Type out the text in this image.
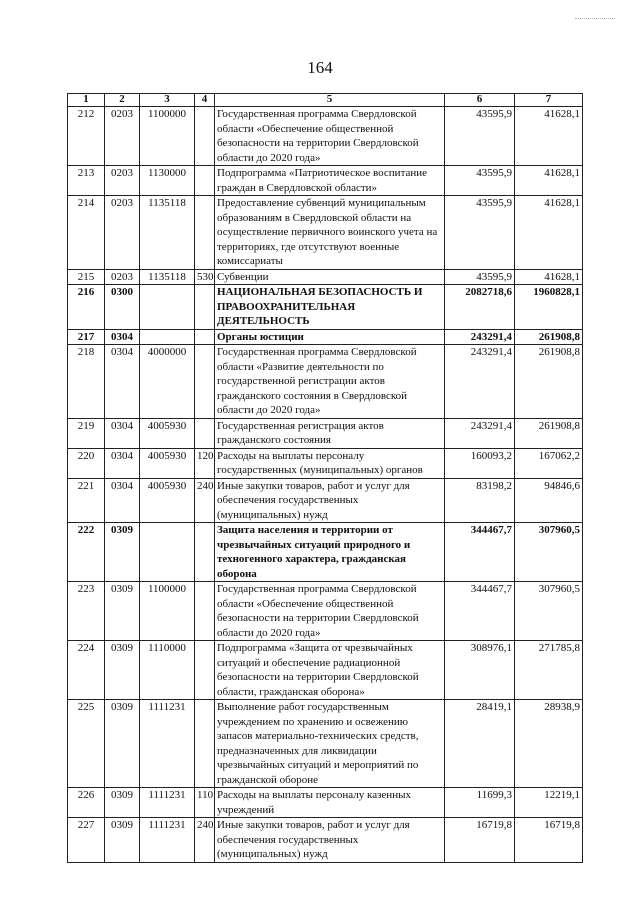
164
1	2	3	4	5	6	7
212	0203	1100000		Государственная программа Свердловской области «Обеспечение общественной безопасности на территории Свердловской области до 2020 года»	43595,9	41628,1
213	0203	1130000		Подпрограмма «Патриотическое воспитание граждан в Свердловской области»	43595,9	41628,1
214	0203	1135118		Предоставление субвенций муниципальным образованиям в Свердловской области на осуществление первичного воинского учета на территориях, где отсутствуют военные комиссариаты	43595,9	41628,1
215	0203	1135118	530	Субвенции	43595,9	41628,1
216	0300			НАЦИОНАЛЬНАЯ БЕЗОПАСНОСТЬ И ПРАВООХРАНИТЕЛЬНАЯ ДЕЯТЕЛЬНОСТЬ	2082718,6	1960828,1
217	0304			Органы юстиции	243291,4	261908,8
218	0304	4000000		Государственная программа Свердловской области «Развитие деятельности по государственной регистрации актов гражданского состояния в Свердловской области до 2020 года»	243291,4	261908,8
219	0304	4005930		Государственная регистрация актов гражданского состояния	243291,4	261908,8
220	0304	4005930	120	Расходы на выплаты персоналу государственных (муниципальных) органов	160093,2	167062,2
221	0304	4005930	240	Иные закупки товаров, работ и услуг для обеспечения государственных (муниципальных) нужд	83198,2	94846,6
222	0309			Защита населения и территории от чрезвычайных ситуаций природного и техногенного характера, гражданская оборона	344467,7	307960,5
223	0309	1100000		Государственная программа Свердловской области «Обеспечение общественной безопасности на территории Свердловской области до 2020 года»	344467,7	307960,5
224	0309	1110000		Подпрограмма «Защита от чрезвычайных ситуаций и обеспечение радиационной безопасности на территории Свердловской области, гражданская оборона»	308976,1	271785,8
225	0309	1111231		Выполнение работ государственным учреждением по хранению и освежению запасов материально-технических средств, предназначенных для ликвидации чрезвычайных ситуаций и мероприятий по гражданской обороне	28419,1	28938,9
226	0309	1111231	110	Расходы на выплаты персоналу казенных учреждений	11699,3	12219,1
227	0309	1111231	240	Иные закупки товаров, работ и услуг для обеспечения государственных (муниципальных) нужд	16719,8	16719,8
